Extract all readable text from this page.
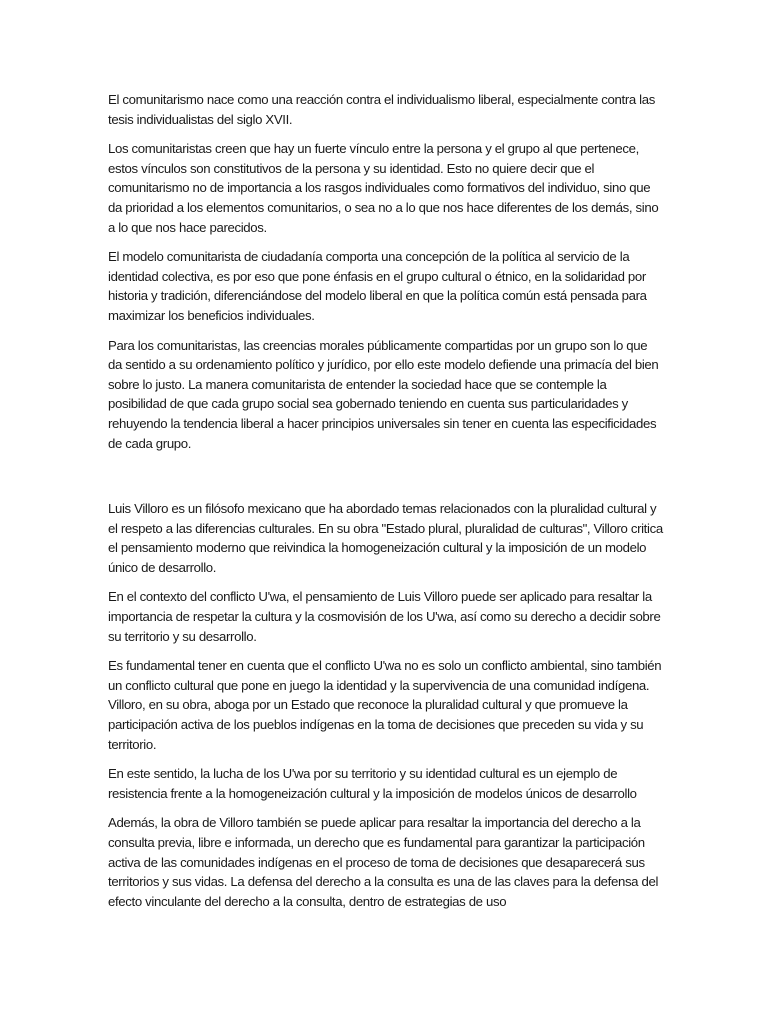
El comunitarismo nace como una reacción contra el individualismo liberal, especialmente contra las tesis individualistas del siglo XVII.

Los comunitaristas creen que hay un fuerte vínculo entre la persona y el grupo al que pertenece, estos vínculos son constitutivos de la persona y su identidad. Esto no quiere decir que el comunitarismo no de importancia a los rasgos individuales como formativos del individuo, sino que da prioridad a los elementos comunitarios, o sea no a lo que nos hace diferentes de los demás, sino a lo que nos hace parecidos.

El modelo comunitarista de ciudadanía comporta una concepción de la política al servicio de la identidad colectiva, es por eso que pone énfasis en el grupo cultural o étnico, en la solidaridad por historia y tradición, diferenciándose del modelo liberal en que la política común está pensada para maximizar los beneficios individuales.

Para los comunitaristas, las creencias morales públicamente compartidas por un grupo son lo que da sentido a su ordenamiento político y jurídico, por ello este modelo defiende una primacía del bien sobre lo justo. La manera comunitarista de entender la sociedad hace que se contemple la posibilidad de que cada grupo social sea gobernado teniendo en cuenta sus particularidades y rehuyendo la tendencia liberal a hacer principios universales sin tener en cuenta las especificidades de cada grupo.

Luis Villoro es un filósofo mexicano que ha abordado temas relacionados con la pluralidad cultural y el respeto a las diferencias culturales. En su obra "Estado plural, pluralidad de culturas", Villoro critica el pensamiento moderno que reivindica la homogeneización cultural y la imposición de un modelo único de desarrollo.

En el contexto del conflicto U'wa, el pensamiento de Luis Villoro puede ser aplicado para resaltar la importancia de respetar la cultura y la cosmovisión de los U'wa, así como su derecho a decidir sobre su territorio y su desarrollo.

Es fundamental tener en cuenta que el conflicto U'wa no es solo un conflicto ambiental, sino también un conflicto cultural que pone en juego la identidad y la supervivencia de una comunidad indígena. Villoro, en su obra, aboga por un Estado que reconoce la pluralidad cultural y que promueve la participación activa de los pueblos indígenas en la toma de decisiones que preceden su vida y su territorio.

En este sentido, la lucha de los U'wa por su territorio y su identidad cultural es un ejemplo de resistencia frente a la homogeneización cultural y la imposición de modelos únicos de desarrollo

Además, la obra de Villoro también se puede aplicar para resaltar la importancia del derecho a la consulta previa, libre e informada, un derecho que es fundamental para garantizar la participación activa de las comunidades indígenas en el proceso de toma de decisiones que desaparecerá sus territorios y sus vidas. La defensa del derecho a la consulta es una de las claves para la defensa del efecto vinculante del derecho a la consulta, dentro de estrategias de uso
